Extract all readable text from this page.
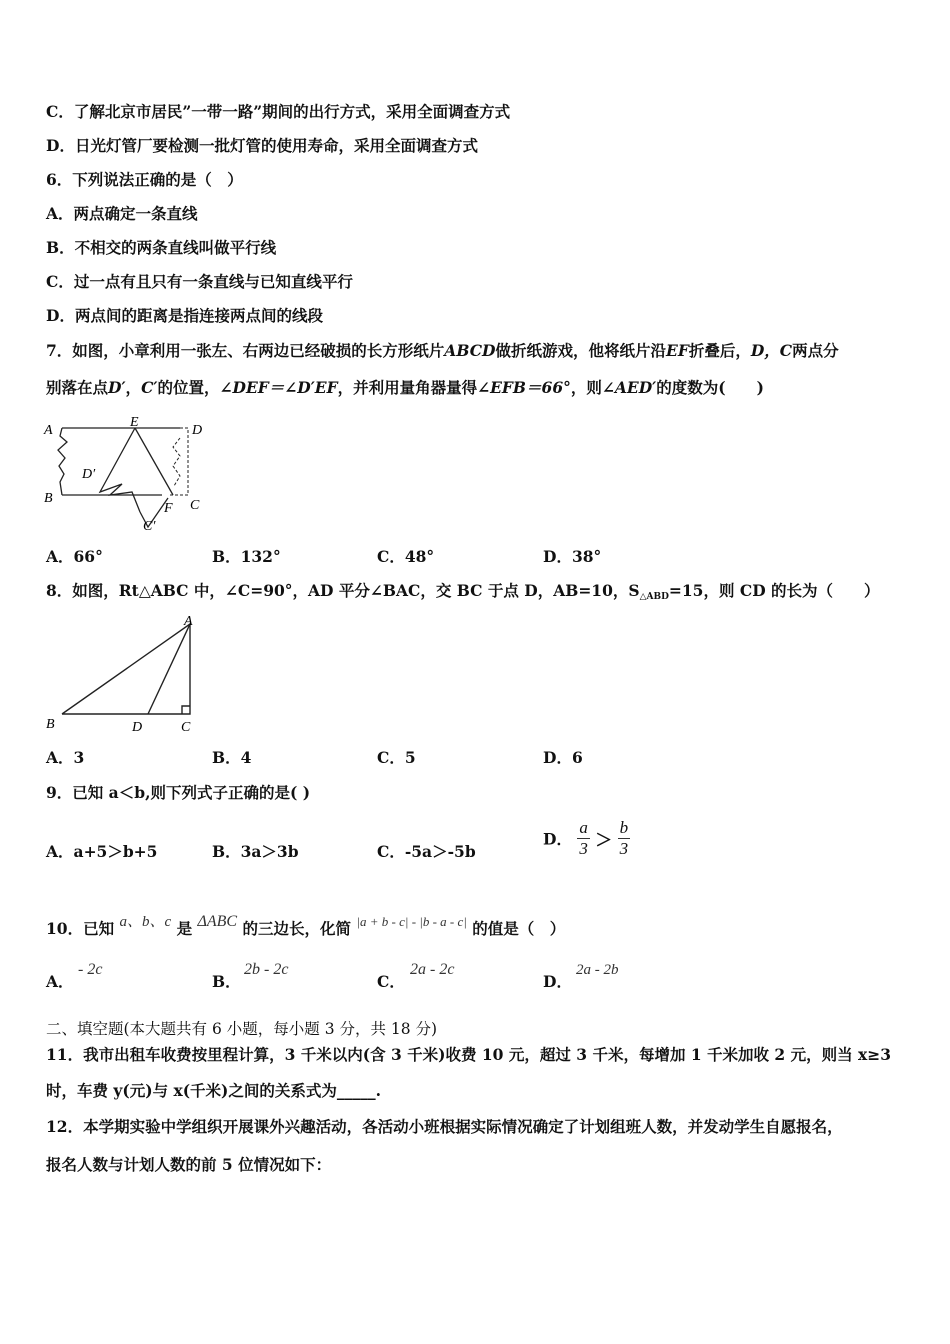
C．了解北京市居民”一带一路”期间的出行方式，采用全面调查方式
D．日光灯管厂要检测一批灯管的使用寿命，采用全面调查方式
6．下列说法正确的是（　）
A．两点确定一条直线
B．不相交的两条直线叫做平行线
C．过一点有且只有一条直线与已知直线平行
D．两点间的距离是指连接两点间的线段
7．如图，小章利用一张左、右两边已经破损的长方形纸片ABCD做折纸游戏，他将纸片沿EF折叠后，D，C两点分
别落在点D′，C′的位置，∠DEF＝∠D′EF，并利用量角器量得∠EFB＝66°，则∠AED′的度数为(　　)
A
E
D
D′
B
F C
C′
A．66°	B．132°	C．48°	D．38°
8．如图，Rt△ABC 中，∠C=90°，AD 平分∠BAC，交 BC 于点 D，AB=10，$S_{\triangle ABD}=15$，则 CD 的长为（　　）
A
B	D	C
A．3	B．4	C．5	D．6
9．已知 a＜b,则下列式子正确的是( )
A．a+5＞b+5	B．3a＞3b	C．-5a＞-5b
D． $\frac{a}{3} > \frac{b}{3}$
10．已知 a、b、c 是 ΔABC 的三边长，化简 $^{|a + b - c| - |b - a - c|}$ 的值是（　）
A．
- 2c
B．
2b - 2c
C．
2a - 2c
D．
2a - 2b
二、填空题(本大题共有 6 小题，每小题 3 分，共 18 分)
11．我市出租车收费按里程计算，3 千米以内(含 3 千米)收费 10 元，超过 3 千米，每增加 1 千米加收 2 元，则当 x≥3
时，车费 y(元)与 x(千米)之间的关系式为_____.
12．本学期实验中学组织开展课外兴趣活动，各活动小班根据实际情况确定了计划组班人数，并发动学生自愿报名，
报名人数与计划人数的前 5 位情况如下：
